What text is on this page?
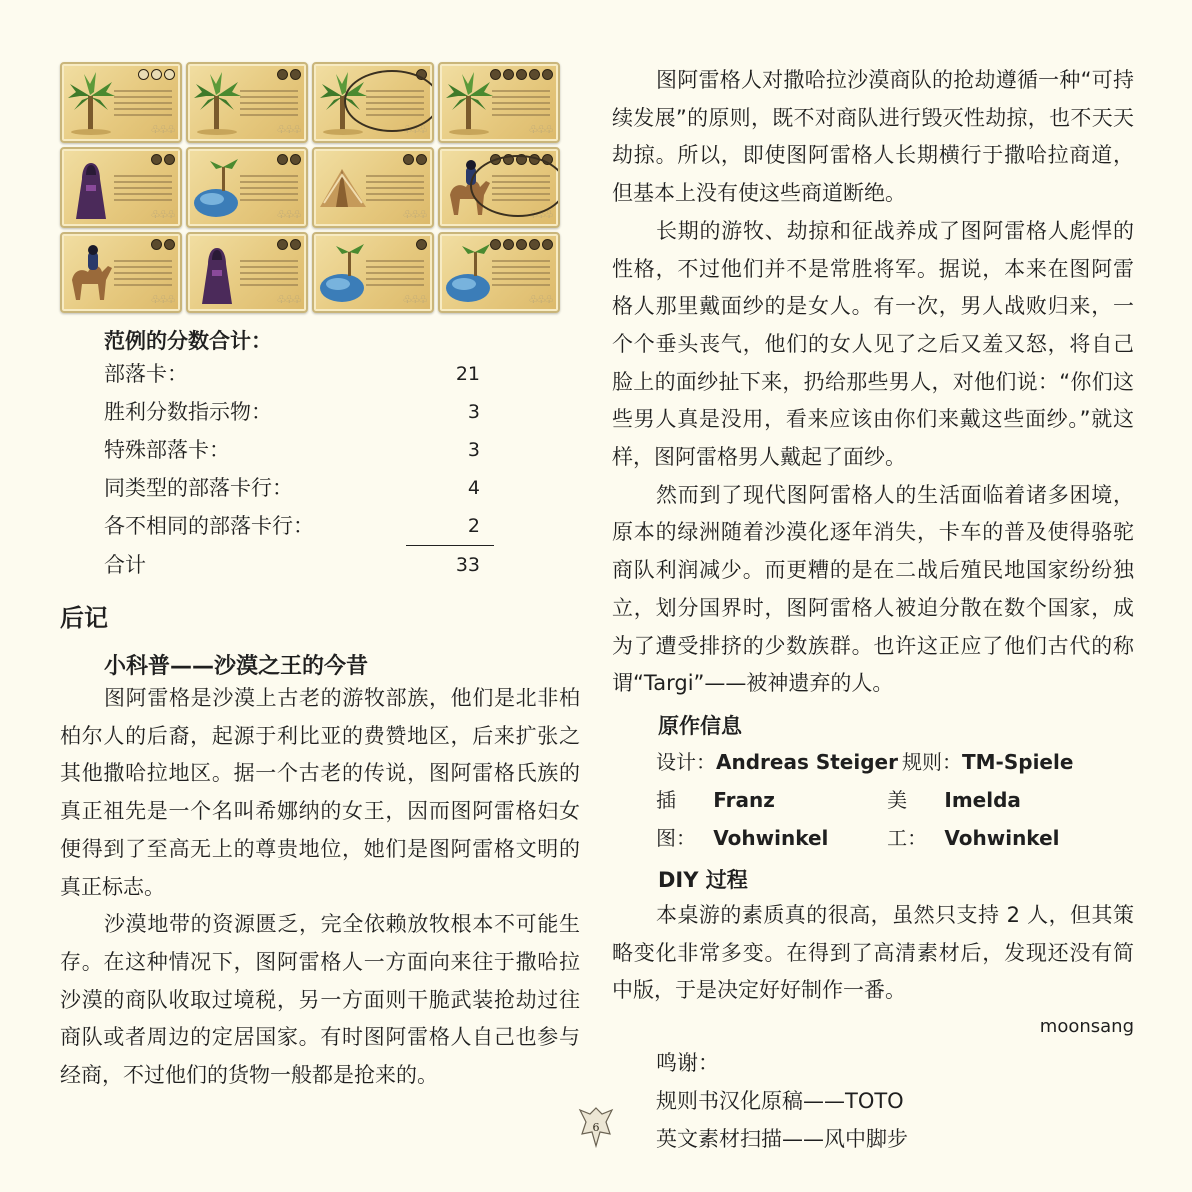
♧♧♧	♧♧♧	♧♧♧	♧♧♧
♧♧♧	♧♧♧	♧♧♧	♧♧♧
♧♧♧	♧♧♧	♧♧♧	♧♧♧
范例的分数合计：
部落卡：	21
胜利分数指示物：	3
特殊部落卡：	3
同类型的部落卡行：	4
各不相同的部落卡行：	2
合计	33
后记
小科普——沙漠之王的今昔

图阿雷格是沙漠上古老的游牧部族，他们是北非柏柏尔人的后裔，起源于利比亚的费赞地区，后来扩张之其他撒哈拉地区。据一个古老的传说，图阿雷格氏族的真正祖先是一个名叫希娜纳的女王，因而图阿雷格妇女便得到了至高无上的尊贵地位，她们是图阿雷格文明的真正标志。

沙漠地带的资源匮乏，完全依赖放牧根本不可能生存。在这种情况下，图阿雷格人一方面向来往于撒哈拉沙漠的商队收取过境税，另一方面则干脆武装抢劫过往商队或者周边的定居国家。有时图阿雷格人自己也参与经商，不过他们的货物一般都是抢来的。

图阿雷格人对撒哈拉沙漠商队的抢劫遵循一种“可持续发展”的原则，既不对商队进行毁灭性劫掠，也不天天劫掠。所以，即使图阿雷格人长期横行于撒哈拉商道，但基本上没有使这些商道断绝。

长期的游牧、劫掠和征战养成了图阿雷格人彪悍的性格，不过他们并不是常胜将军。据说，本来在图阿雷格人那里戴面纱的是女人。有一次，男人战败归来，一个个垂头丧气，他们的女人见了之后又羞又怒，将自己脸上的面纱扯下来，扔给那些男人，对他们说：“你们这些男人真是没用，看来应该由你们来戴这些面纱。”就这样，图阿雷格男人戴起了面纱。

然而到了现代图阿雷格人的生活面临着诸多困境，原本的绿洲随着沙漠化逐年消失，卡车的普及使得骆驼商队利润减少。而更糟的是在二战后殖民地国家纷纷独立，划分国界时，图阿雷格人被迫分散在数个国家，成为了遭受排挤的少数族群。也许这正应了他们古代的称谓“Targi”——被神遗弃的人。

原作信息
设计： Andreas Steiger 规则： TM-Spiele
插图：
Franz Vohwinkel
美工：
Imelda Vohwinkel
DIY 过程

本桌游的素质真的很高，虽然只支持 2 人，但其策略变化非常多变。在得到了高清素材后，发现还没有简中版，于是决定好好制作一番。

moonsang
鸣谢：
规则书汉化原稿——TOTO
英文素材扫描——风中脚步
6
